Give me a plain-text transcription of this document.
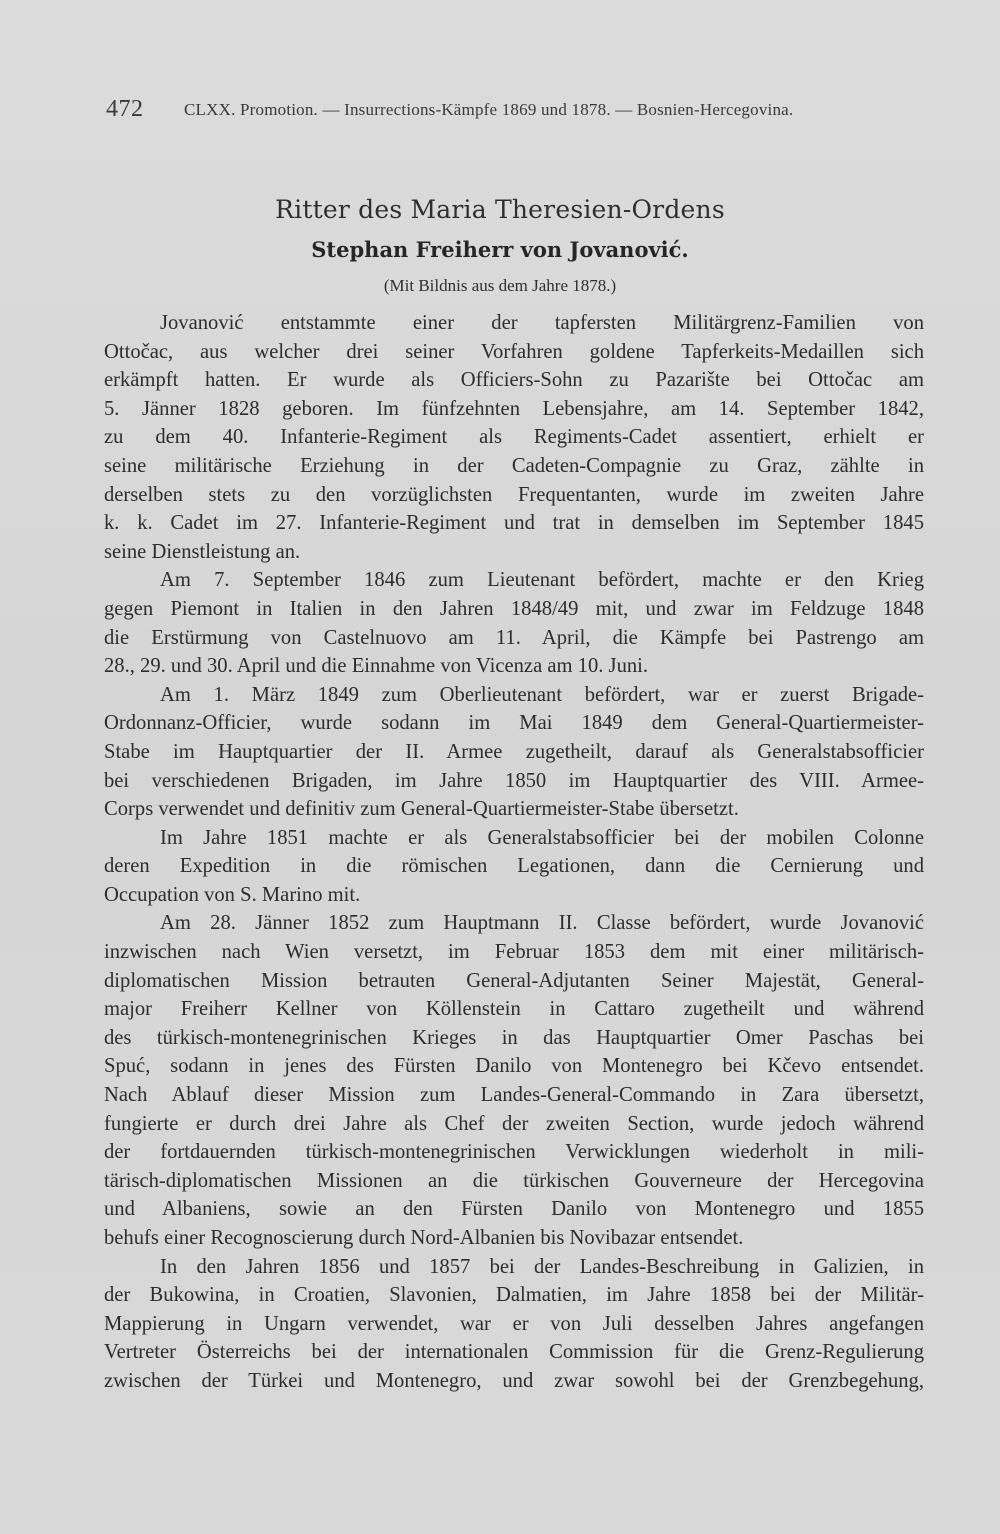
472 CLXX. Promotion. — Insurrections-Kämpfe 1869 und 1878. — Bosnien-Hercegovina.
Ritter des Maria Theresien-Ordens
Stephan Freiherr von Jovanović.
(Mit Bildnis aus dem Jahre 1878.)

Jovanović entstammte einer der tapfersten Militärgrenz-Familien von
Ottočac, aus welcher drei seiner Vorfahren goldene Tapferkeits-Medaillen sich
erkämpft hatten. Er wurde als Officiers-Sohn zu Pazarište bei Ottočac am
5. Jänner 1828 geboren. Im fünfzehnten Lebensjahre, am 14. September 1842,
zu dem 40. Infanterie-Regiment als Regiments-Cadet assentiert, erhielt er
seine militärische Erziehung in der Cadeten-Compagnie zu Graz, zählte in
derselben stets zu den vorzüglichsten Frequentanten, wurde im zweiten Jahre
k. k. Cadet im 27. Infanterie-Regiment und trat in demselben im September 1845
seine Dienstleistung an.

Am 7. September 1846 zum Lieutenant befördert, machte er den Krieg
gegen Piemont in Italien in den Jahren 1848/49 mit, und zwar im Feldzuge 1848
die Erstürmung von Castelnuovo am 11. April, die Kämpfe bei Pastrengo am
28., 29. und 30. April und die Einnahme von Vicenza am 10. Juni.

Am 1. März 1849 zum Oberlieutenant befördert, war er zuerst Brigade-
Ordonnanz-Officier, wurde sodann im Mai 1849 dem General-Quartiermeister-
Stabe im Hauptquartier der II. Armee zugetheilt, darauf als Generalstabsofficier
bei verschiedenen Brigaden, im Jahre 1850 im Hauptquartier des VIII. Armee-
Corps verwendet und definitiv zum General-Quartiermeister-Stabe übersetzt.

Im Jahre 1851 machte er als Generalstabsofficier bei der mobilen Colonne
deren Expedition in die römischen Legationen, dann die Cernierung und
Occupation von S. Marino mit.

Am 28. Jänner 1852 zum Hauptmann II. Classe befördert, wurde Jovanović
inzwischen nach Wien versetzt, im Februar 1853 dem mit einer militärisch-
diplomatischen Mission betrauten General-Adjutanten Seiner Majestät, General-
major Freiherr Kellner von Köllenstein in Cattaro zugetheilt und während
des türkisch-montenegrinischen Krieges in das Hauptquartier Omer Paschas bei
Spuć, sodann in jenes des Fürsten Danilo von Montenegro bei Kčevo entsendet.
Nach Ablauf dieser Mission zum Landes-General-Commando in Zara übersetzt,
fungierte er durch drei Jahre als Chef der zweiten Section, wurde jedoch während
der fortdauernden türkisch-montenegrinischen Verwicklungen wiederholt in mili-
tärisch-diplomatischen Missionen an die türkischen Gouverneure der Hercegovina
und Albaniens, sowie an den Fürsten Danilo von Montenegro und 1855
behufs einer Recognoscierung durch Nord-Albanien bis Novibazar entsendet.

In den Jahren 1856 und 1857 bei der Landes-Beschreibung in Galizien, in
der Bukowina, in Croatien, Slavonien, Dalmatien, im Jahre 1858 bei der Militär-
Mappierung in Ungarn verwendet, war er von Juli desselben Jahres angefangen
Vertreter Österreichs bei der internationalen Commission für die Grenz-Regulierung
zwischen der Türkei und Montenegro, und zwar sowohl bei der Grenzbegehung,
